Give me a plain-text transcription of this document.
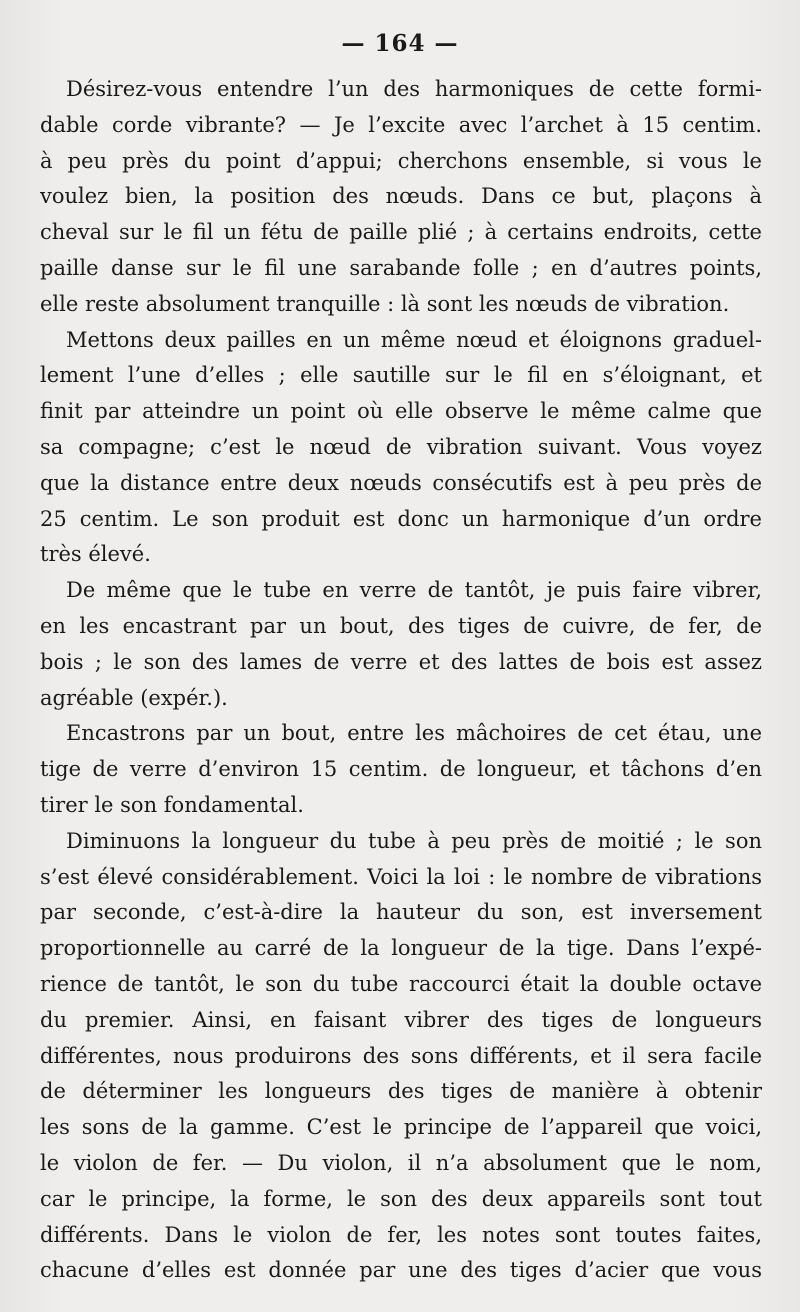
— 164 —

Désirez-vous entendre l’un des harmoniques de cette formi-

dable corde vibrante? — Je l’excite avec l’archet à 15 centim.

à peu près du point d’appui; cherchons ensemble, si vous le

voulez bien, la position des nœuds. Dans ce but, plaçons à

cheval sur le fil un fétu de paille plié ; à certains endroits, cette

paille danse sur le fil une sarabande folle ; en d’autres points,

elle reste absolument tranquille : là sont les nœuds de vibration.

Mettons deux pailles en un même nœud et éloignons graduel-

lement l’une d’elles ; elle sautille sur le fil en s’éloignant, et

finit par atteindre un point où elle observe le même calme que

sa compagne; c’est le nœud de vibration suivant. Vous voyez

que la distance entre deux nœuds consécutifs est à peu près de

25 centim. Le son produit est donc un harmonique d’un ordre

très élevé.

De même que le tube en verre de tantôt, je puis faire vibrer,

en les encastrant par un bout, des tiges de cuivre, de fer, de

bois ; le son des lames de verre et des lattes de bois est assez

agréable (expér.).

Encastrons par un bout, entre les mâchoires de cet étau, une

tige de verre d’environ 15 centim. de longueur, et tâchons d’en

tirer le son fondamental.

Diminuons la longueur du tube à peu près de moitié ; le son

s’est élevé considérablement. Voici la loi : le nombre de vibrations

par seconde, c’est-à-dire la hauteur du son, est inversement

proportionnelle au carré de la longueur de la tige. Dans l’expé-

rience de tantôt, le son du tube raccourci était la double octave

du premier. Ainsi, en faisant vibrer des tiges de longueurs

différentes, nous produirons des sons différents, et il sera facile

de déterminer les longueurs des tiges de manière à obtenir

les sons de la gamme. C’est le principe de l’appareil que voici,

le violon de fer. — Du violon, il n’a absolument que le nom,

car le principe, la forme, le son des deux appareils sont tout

différents. Dans le violon de fer, les notes sont toutes faites,

chacune d’elles est donnée par une des tiges d’acier que vous
